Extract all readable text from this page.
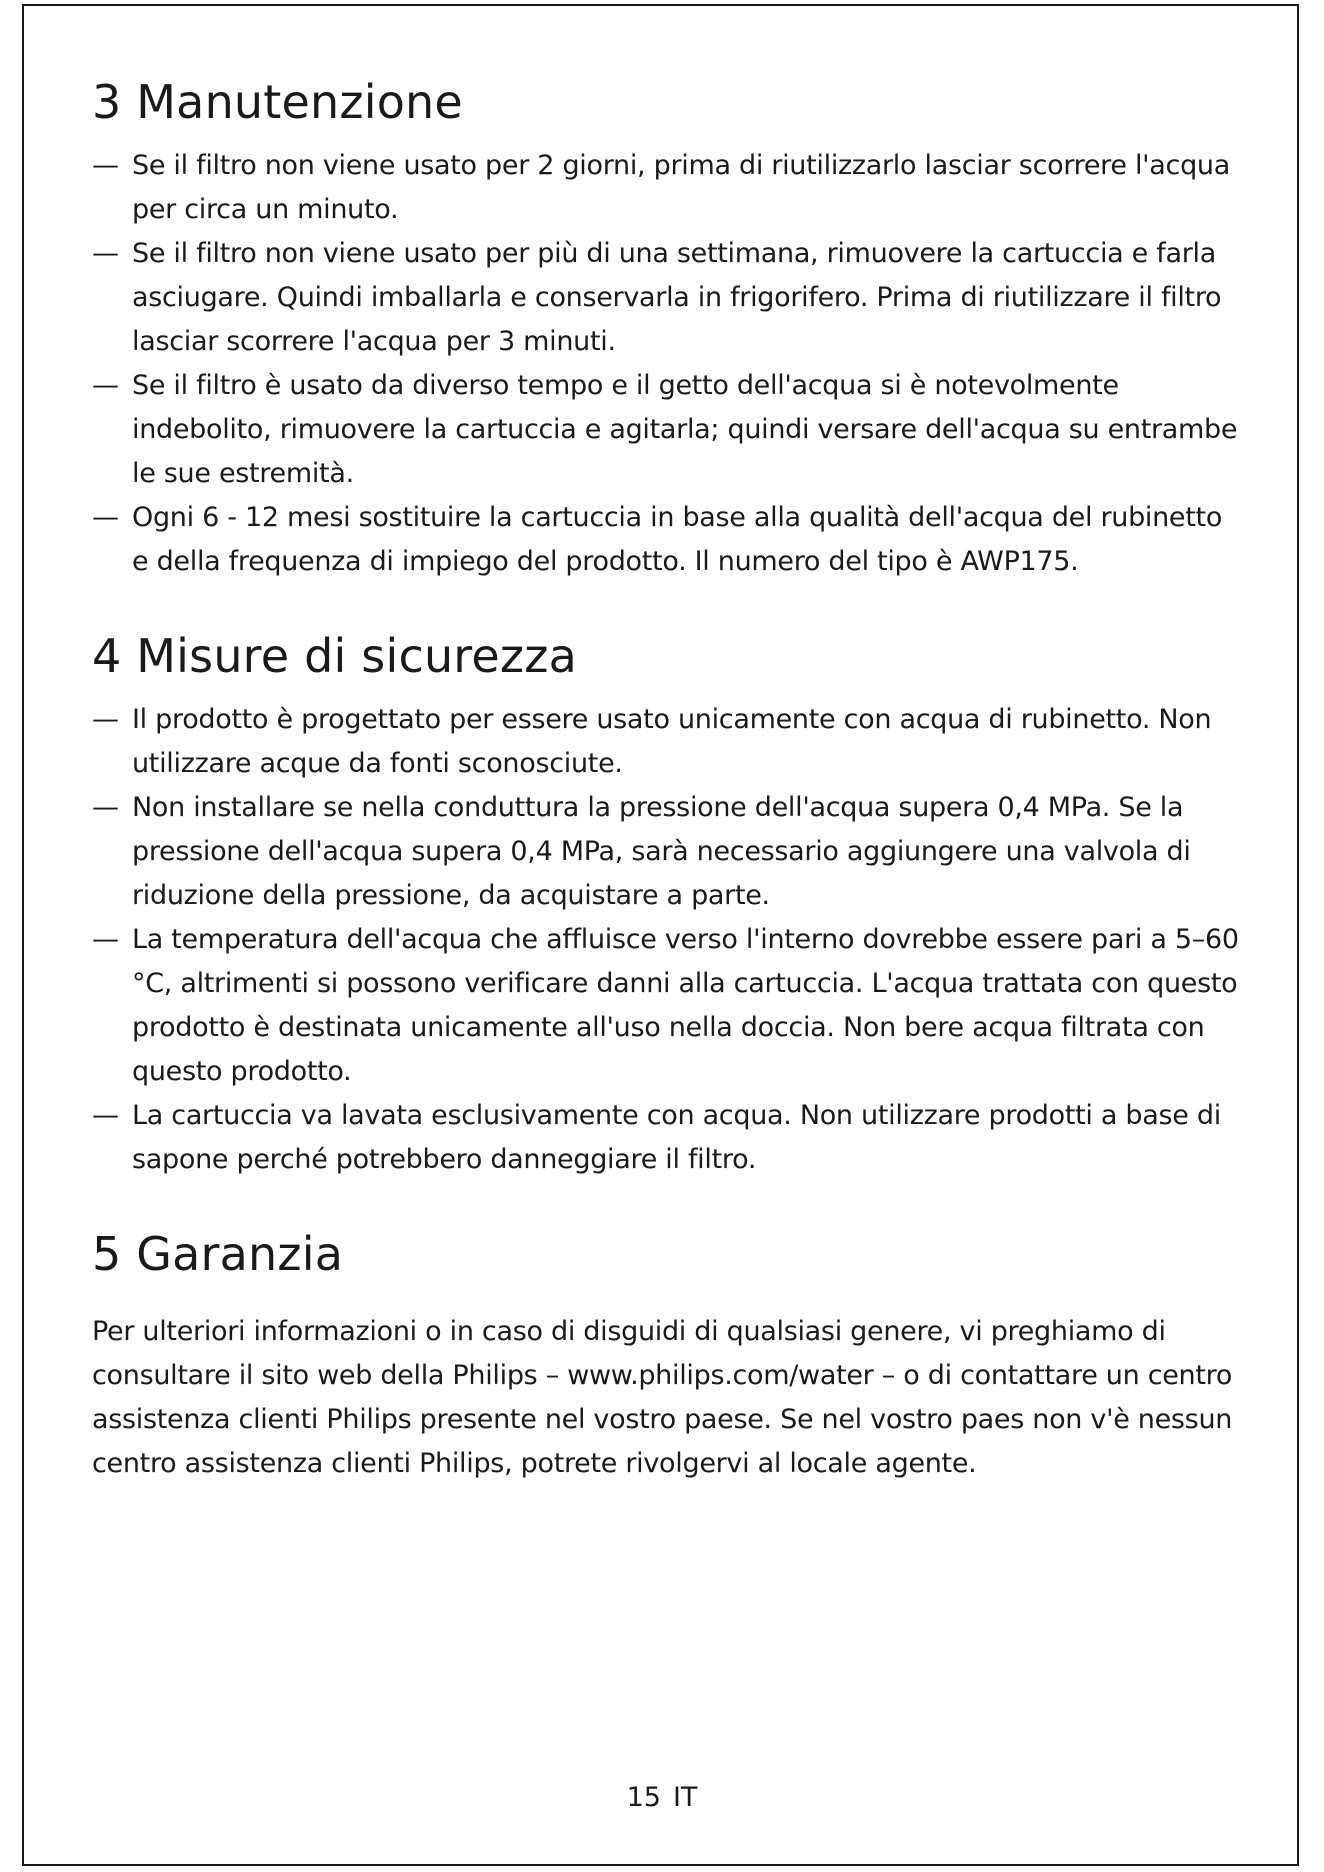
3 Manutenzione
— Se il filtro non viene usato per 2 giorni, prima di riutilizzarlo lasciar scorrere l'acqua per circa un minuto.
— Se il filtro non viene usato per più di una settimana, rimuovere la cartuccia e farla asciugare. Quindi imballarla e conservarla in frigorifero. Prima di riutilizzare il filtro lasciar scorrere l'acqua per 3 minuti.
— Se il filtro è usato da diverso tempo e il getto dell'acqua si è notevolmente indebolito, rimuovere la cartuccia e agitarla; quindi versare dell'acqua su entrambe le sue estremità.
— Ogni 6 - 12 mesi sostituire la cartuccia in base alla qualità dell'acqua del rubinetto e della frequenza di impiego del prodotto. Il numero del tipo è AWP175.
4 Misure di sicurezza
— Il prodotto è progettato per essere usato unicamente con acqua di rubinetto. Non utilizzare acque da fonti sconosciute.
— Non installare se nella conduttura la pressione dell'acqua supera 0,4 MPa. Se la pressione dell'acqua supera 0,4 MPa, sarà necessario aggiungere una valvola di riduzione della pressione, da acquistare a parte.
— La temperatura dell'acqua che affluisce verso l'interno dovrebbe essere pari a 5–60 °C, altrimenti si possono verificare danni alla cartuccia. L'acqua trattata con questo prodotto è destinata unicamente all'uso nella doccia. Non bere acqua filtrata con questo prodotto.
— La cartuccia va lavata esclusivamente con acqua. Non utilizzare prodotti a base di sapone perché potrebbero danneggiare il filtro.
5 Garanzia

Per ulteriori informazioni o in caso di disguidi di qualsiasi genere, vi preghiamo di consultare il sito web della Philips – www.philips.com/water – o di contattare un centro assistenza clienti Philips presente nel vostro paese. Se nel vostro paes non v'è nessun centro assistenza clienti Philips, potrete rivolgervi al locale agente.

15 IT
